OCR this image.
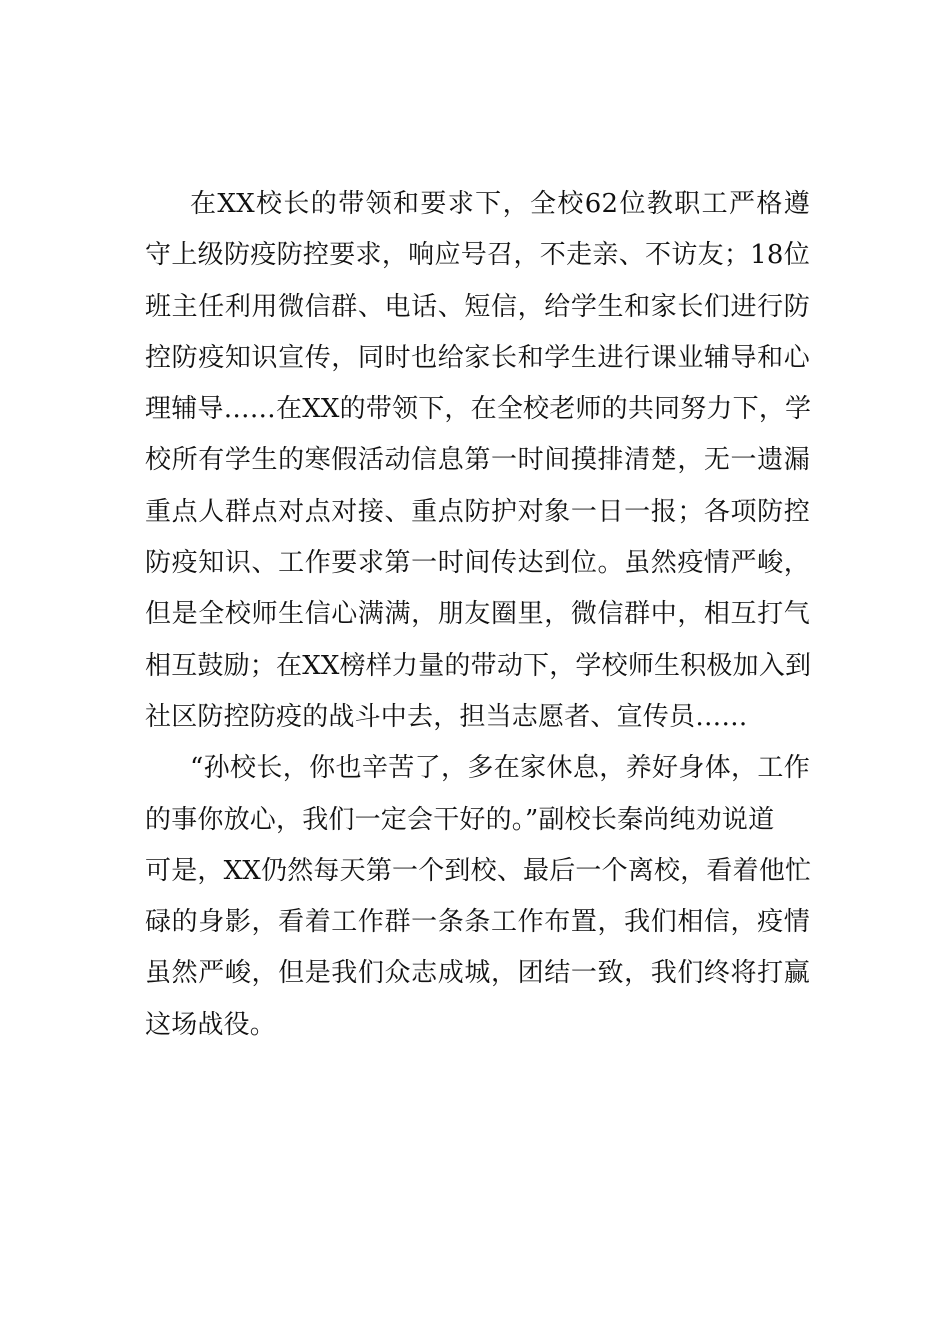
在XX校长的带领和要求下，全校62位教职工严格遵
守上级防疫防控要求，响应号召，不走亲、不访友；18位
班主任利用微信群、电话、短信，给学生和家长们进行防
控防疫知识宣传，同时也给家长和学生进行课业辅导和心
理辅导……在XX的带领下，在全校老师的共同努力下，学
校所有学生的寒假活动信息第一时间摸排清楚，无一遗漏
重点人群点对点对接、重点防护对象一日一报；各项防控
防疫知识、工作要求第一时间传达到位。虽然疫情严峻，
但是全校师生信心满满，朋友圈里，微信群中，相互打气
相互鼓励；在XX榜样力量的带动下，学校师生积极加入到
社区防控防疫的战斗中去，担当志愿者、宣传员……
“孙校长，你也辛苦了，多在家休息，养好身体，工作
的事你放心，我们一定会干好的。”副校长秦尚纯劝说道
可是，XX仍然每天第一个到校、最后一个离校，看着他忙
碌的身影，看着工作群一条条工作布置，我们相信，疫情
虽然严峻，但是我们众志成城，团结一致，我们终将打赢
这场战役。
